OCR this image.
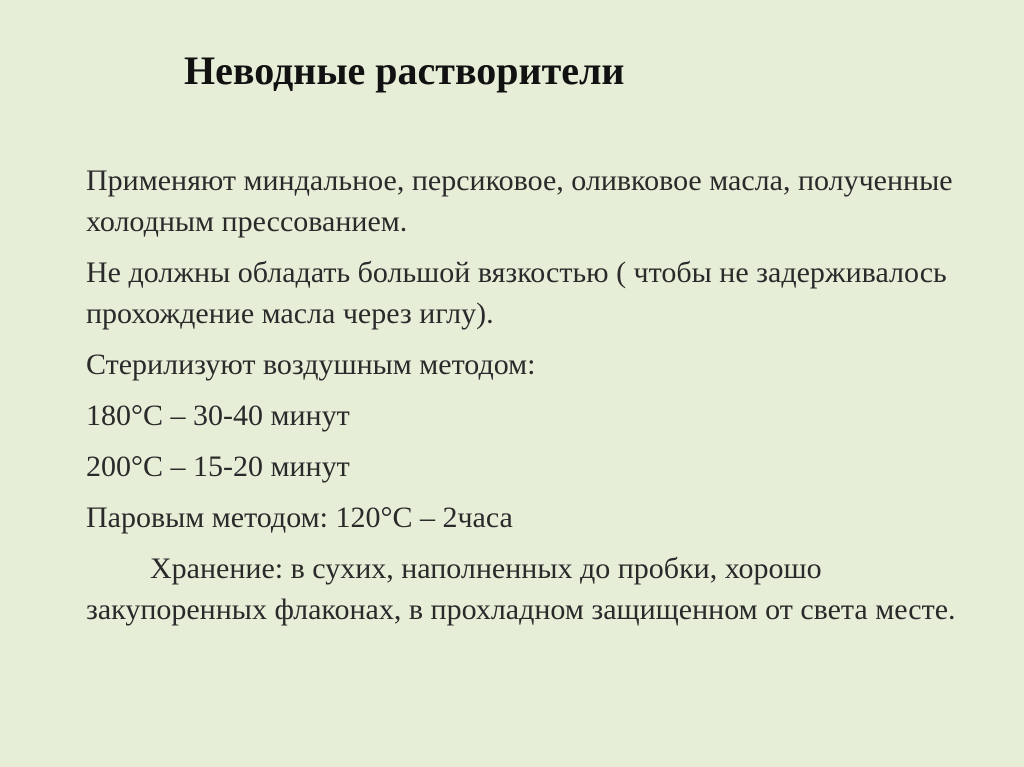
Неводные растворители

Применяют миндальное, персиковое, оливковое масла, полученные холодным прессованием.

Не должны обладать большой вязкостью ( чтобы не задерживалось прохождение масла через иглу).

Стерилизуют воздушным методом:

180°С – 30-40 минут

200°С – 15-20 минут

Паровым методом: 120°С – 2часа

Хранение: в сухих, наполненных до пробки, хорошо закупоренных флаконах, в прохладном защищенном от света месте.
